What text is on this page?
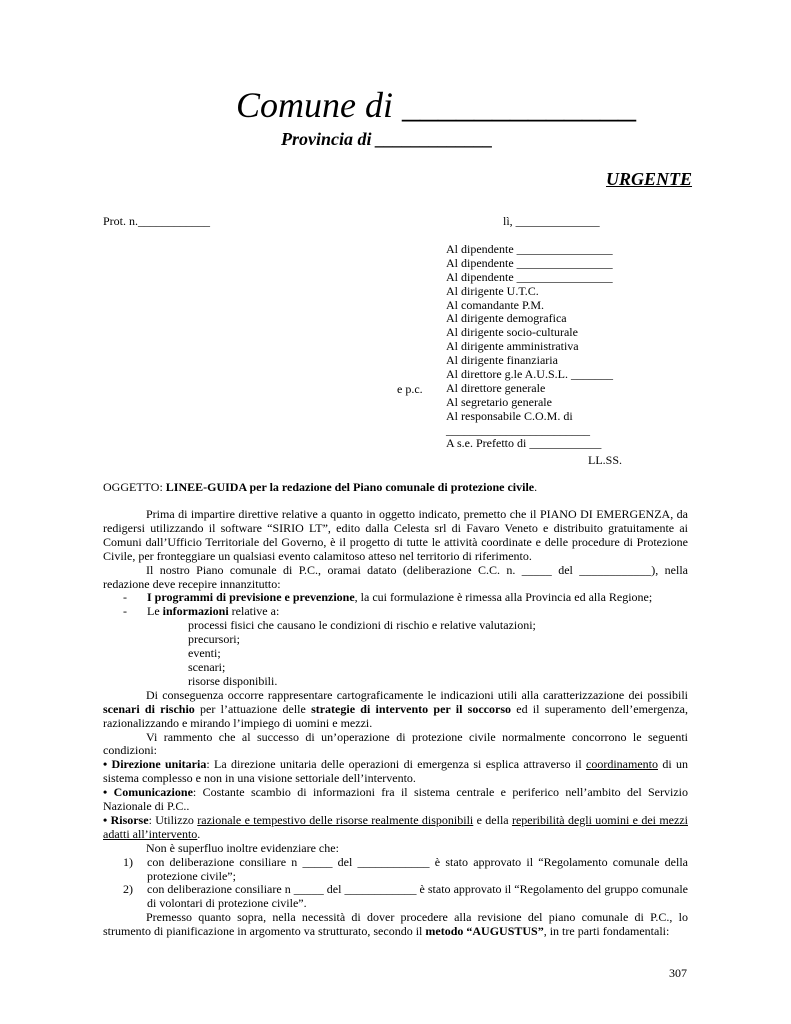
Comune di _____________
Provincia di _____________
URGENTE
Prot. n.____________	lì, ______________
Al dipendente ________________
Al dipendente ________________
Al dipendente ________________
Al dirigente U.T.C.
Al comandante P.M.
Al dirigente demografica
Al dirigente socio-culturale
Al dirigente amministrativa
Al dirigente finanziaria
Al direttore g.le A.U.S.L. _______
Al direttore generale
Al segretario generale
Al responsabile C.O.M. di
________________________
A s.e. Prefetto di ____________
e p.c.
LL.SS.
OGGETTO: LINEE-GUIDA per la redazione del Piano comunale di protezione civile.

Prima di impartire direttive relative a quanto in oggetto indicato, premetto che il PIANO DI EMERGENZA, da redigersi utilizzando il software “SIRIO LT”, edito dalla Celesta srl di Favaro Veneto e distribuito gratuitamente ai Comuni dall’Ufficio Territoriale del Governo, è il progetto di tutte le attività coordinate e delle procedure di Protezione Civile, per fronteggiare un qualsiasi evento calamitoso atteso nel territorio di riferimento.

Il nostro Piano comunale di P.C., oramai datato (deliberazione C.C. n. _____ del ____________), nella redazione deve recepire innanzitutto:

- I programmi di previsione e prevenzione, la cui formulazione è rimessa alla Provincia ed alla Regione;

- Le informazioni relative a:

processi fisici che causano le condizioni di rischio e relative valutazioni;

precursori;

eventi;

scenari;

risorse disponibili.

Di conseguenza occorre rappresentare cartograficamente le indicazioni utili alla caratterizzazione dei possibili scenari di rischio per l’attuazione delle strategie di intervento per il soccorso ed il superamento dell’emergenza, razionalizzando e mirando l’impiego di uomini e mezzi.

Vi rammento che al successo di un’operazione di protezione civile normalmente concorrono le seguenti condizioni:

• Direzione unitaria: La direzione unitaria delle operazioni di emergenza si esplica attraverso il coordinamento di un sistema complesso e non in una visione settoriale dell’intervento.

• Comunicazione: Costante scambio di informazioni fra il sistema centrale e periferico nell’ambito del Servizio Nazionale di P.C..

• Risorse: Utilizzo razionale e tempestivo delle risorse realmente disponibili e della reperibilità degli uomini e dei mezzi adatti all’intervento.

Non è superfluo inoltre evidenziare che:

1) con deliberazione consiliare n _____ del ____________ è stato approvato il “Regolamento comunale della protezione civile”;

2) con deliberazione consiliare n _____ del ____________ è stato approvato il “Regolamento del gruppo comunale di volontari di protezione civile”.

Premesso quanto sopra, nella necessità di dover procedere alla revisione del piano comunale di P.C., lo strumento di pianificazione in argomento va strutturato, secondo il metodo “AUGUSTUS”, in tre parti fondamentali:

307
